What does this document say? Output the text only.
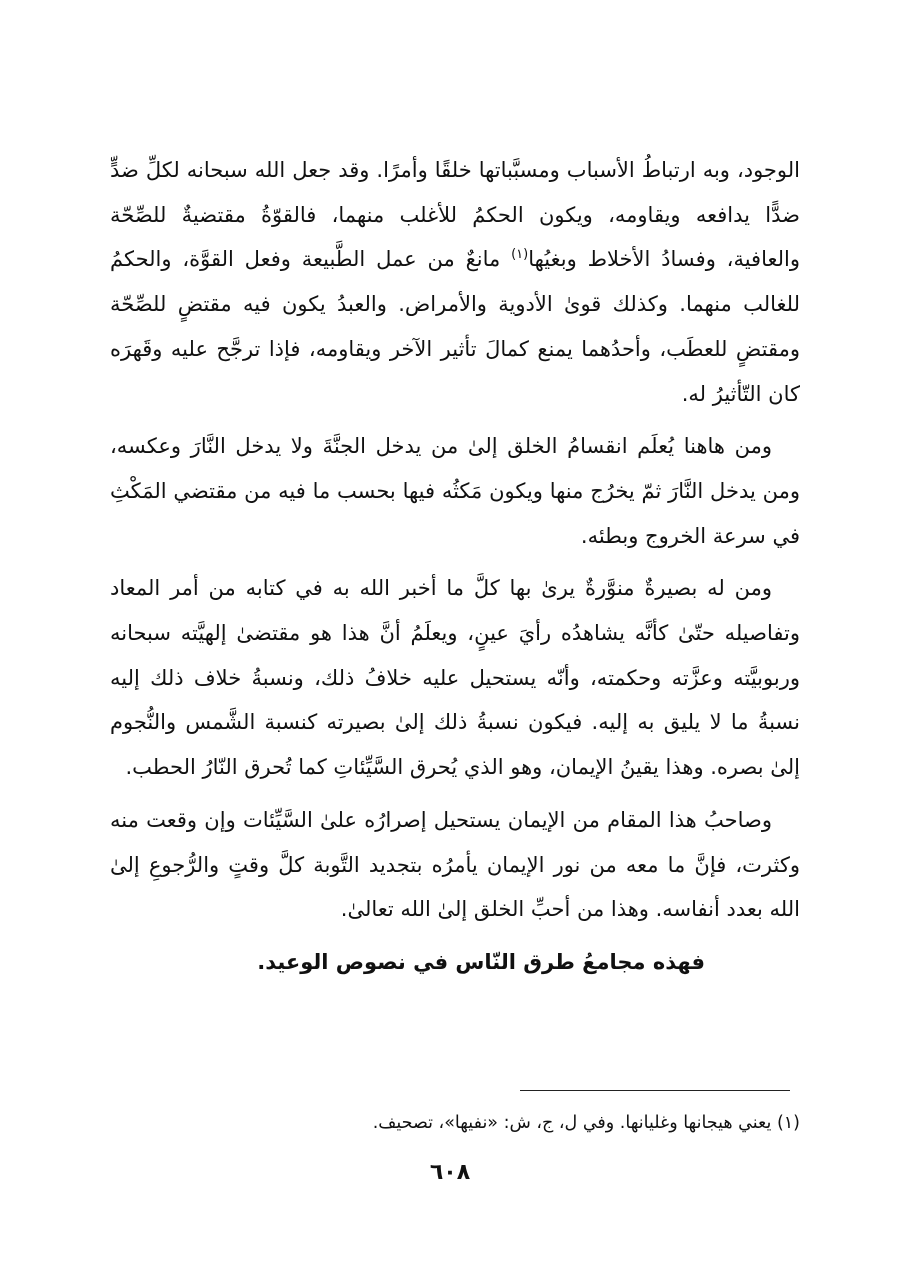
الوجود، وبه ارتباطُ الأسباب ومسبَّباتها خلقًا وأمرًا. وقد جعل الله سبحانه لكلِّ ضدٍّ ضدًّا يدافعه ويقاومه، ويكون الحكمُ للأغلب منهما، فالقوّةُ مقتضيةٌ للصِّحّة والعافية، وفسادُ الأخلاط وبغيُها$^{(١)}$ مانعٌ من عمل الطَّبيعة وفعل القوَّة، والحكمُ للغالب منهما. وكذلك قوىٰ الأدوية والأمراض. والعبدُ يكون فيه مقتضٍ للصِّحّة ومقتضٍ للعطَب، وأحدُهما يمنع كمالَ تأثير الآخر ويقاومه، فإذا ترجَّح عليه وقَهرَه كان التّأثيرُ له.

ومن هاهنا يُعلَم انقسامُ الخلق إلىٰ من يدخل الجنَّةَ ولا يدخل النَّارَ وعكسه، ومن يدخل النَّارَ ثمّ يخرُج منها ويكون مَكثُه فيها بحسب ما فيه من مقتضي المَكْثِ في سرعة الخروج وبطئه.

ومن له بصيرةٌ منوَّرةٌ يرىٰ بها كلَّ ما أخبر الله به في كتابه من أمر المعاد وتفاصيله حتّىٰ كأنَّه يشاهدُه رأيَ عينٍ، ويعلَمُ أنَّ هذا هو مقتضىٰ إلهيَّته سبحانه وربوبيَّته وعزَّته وحكمته، وأنّه يستحيل عليه خلافُ ذلك، ونسبةُ خلاف ذلك إليه نسبةُ ما لا يليق به إليه. فيكون نسبةُ ذلك إلىٰ بصيرته كنسبة الشَّمس والنُّجوم إلىٰ بصره. وهذا يقينُ الإيمان، وهو الذي يُحرق السَّيِّئاتِ كما تُحرق النّارُ الحطب.

وصاحبُ هذا المقام من الإيمان يستحيل إصرارُه علىٰ السَّيِّئات وإن وقعت منه وكثرت، فإنَّ ما معه من نور الإيمان يأمرُه بتجديد التَّوبة كلَّ وقتٍ والرُّجوعِ إلىٰ الله بعدد أنفاسه. وهذا من أحبِّ الخلق إلىٰ الله تعالىٰ.

فهذه مجامعُ طرق النّاس في نصوص الوعيد.

(١) يعني هيجانها وغليانها. وفي ل، ج، ش: «نفيها»، تصحيف.
٦٠٨
